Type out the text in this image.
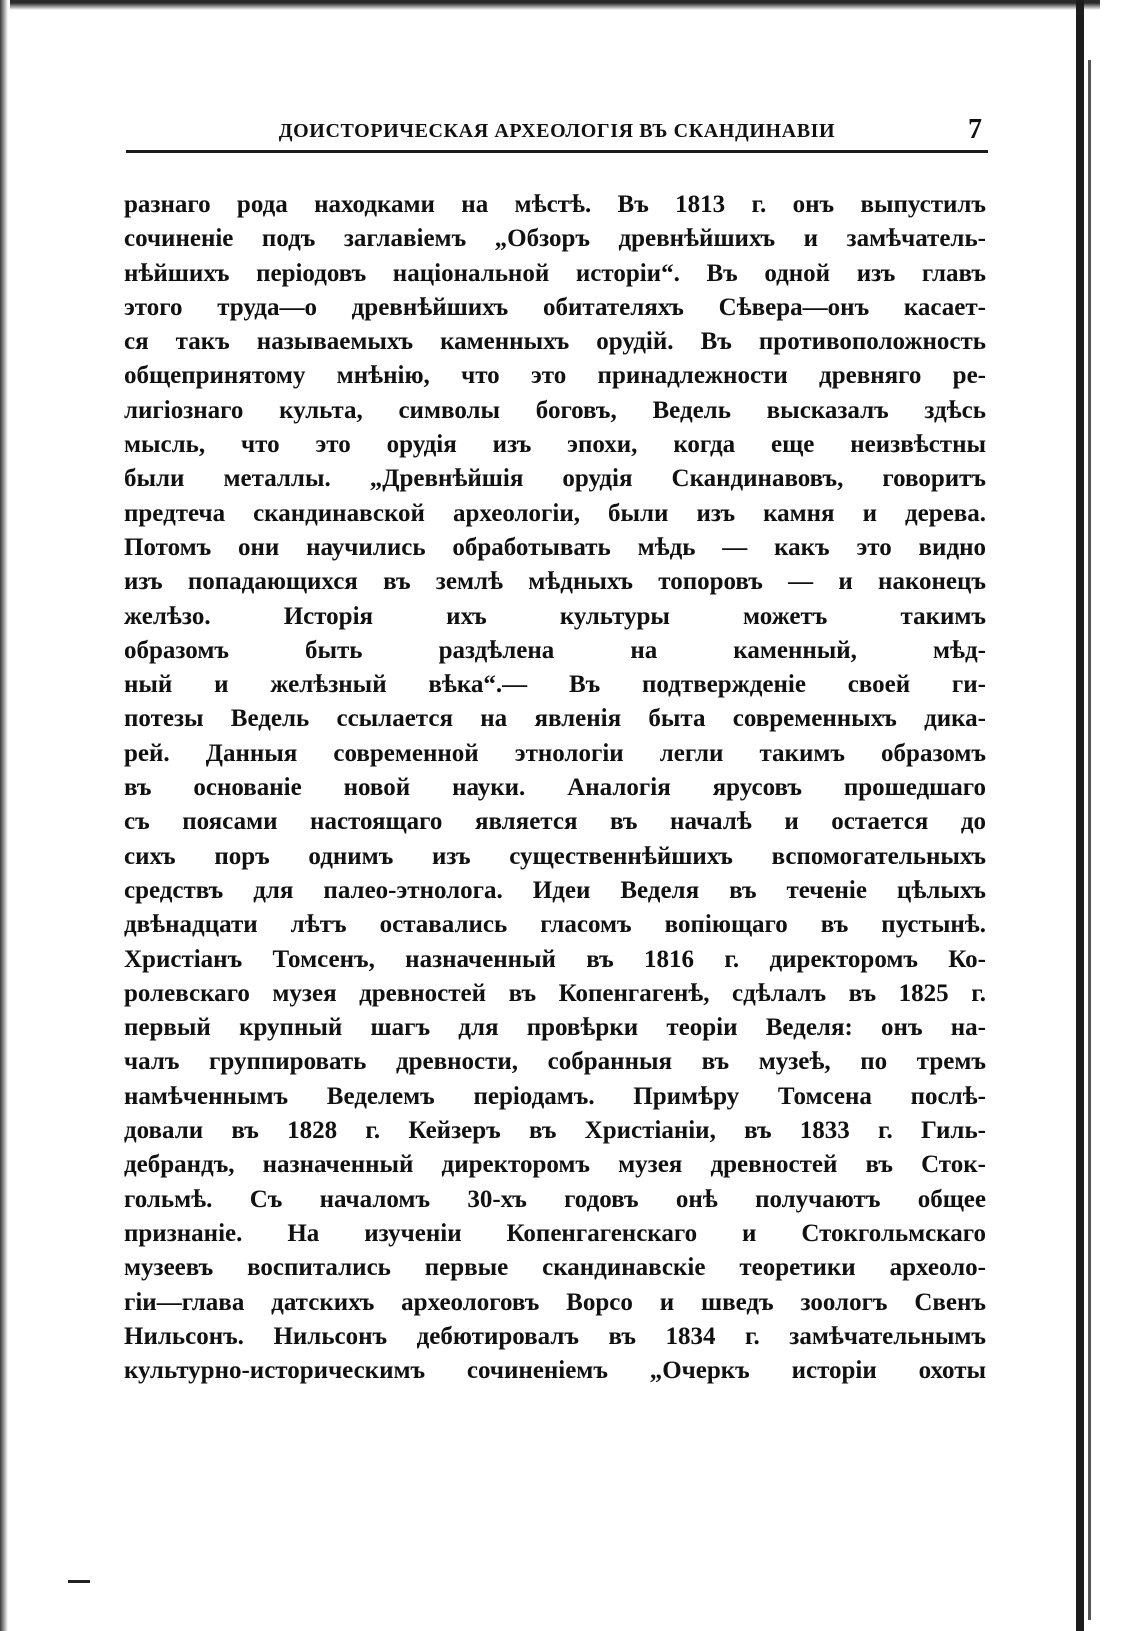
ДОИСТОРИЧЕСКАЯ АРХЕОЛОГІЯ ВЪ СКАНДИНАВІИ	7
разнаго рода находками на мѣстѣ. Въ 1813 г. онъ выпустилъ
сочиненіе подъ заглавіемъ „Обзоръ древнѣйшихъ и замѣчатель-
нѣйшихъ періодовъ національной исторіи“. Въ одной изъ главъ
этого труда—о древнѣйшихъ обитателяхъ Сѣвера—онъ касает-
ся такъ называемыхъ каменныхъ орудій. Въ противоположность
общепринятому мнѣнію, что это принадлежности древняго ре-
лигіознаго культа, символы боговъ, Ведель высказалъ здѣсь
мысль, что это орудія изъ эпохи, когда еще неизвѣстны
были металлы. „Древнѣйшія орудія Скандинавовъ, говоритъ
предтеча скандинавской археологіи, были изъ камня и дерева.
Потомъ они научились обработывать мѣдь — какъ это видно
изъ попадающихся въ землѣ мѣдныхъ топоровъ — и наконецъ
желѣзо. Исторія ихъ культуры можетъ такимъ
образомъ быть раздѣлена на каменный, мѣд-
ный и желѣзный вѣка“.— Въ подтвержденіе своей ги-
потезы Ведель ссылается на явленія быта современныхъ дика-
рей. Данныя современной этнологіи легли такимъ образомъ
въ основаніе новой науки. Аналогія ярусовъ прошедшаго
съ поясами настоящаго является въ началѣ и остается до
сихъ поръ однимъ изъ существеннѣйшихъ вспомогательныхъ
средствъ для палео-этнолога. Идеи Веделя въ теченіе цѣлыхъ
двѣнадцати лѣтъ оставались гласомъ вопіющаго въ пустынѣ.
Христіанъ Томсенъ, назначенный въ 1816 г. директоромъ Ко-
ролевскаго музея древностей въ Копенгагенѣ, сдѣлалъ въ 1825 г.
первый крупный шагъ для провѣрки теоріи Веделя: онъ на-
чалъ группировать древности, собранныя въ музеѣ, по тремъ
намѣченнымъ Веделемъ періодамъ. Примѣру Томсена послѣ-
довали въ 1828 г. Кейзеръ въ Христіаніи, въ 1833 г. Гиль-
дебрандъ, назначенный директоромъ музея древностей въ Сток-
гольмѣ. Съ началомъ 30-хъ годовъ онѣ получаютъ общее
признаніе. На изученіи Копенгагенскаго и Стокгольмскаго
музеевъ воспитались первые скандинавскіе теоретики археоло-
гіи—глава датскихъ археологовъ Ворсо и шведъ зоологъ Свенъ
Нильсонъ. Нильсонъ дебютировалъ въ 1834 г. замѣчательнымъ
культурно-историческимъ сочиненіемъ „Очеркъ исторіи охоты
